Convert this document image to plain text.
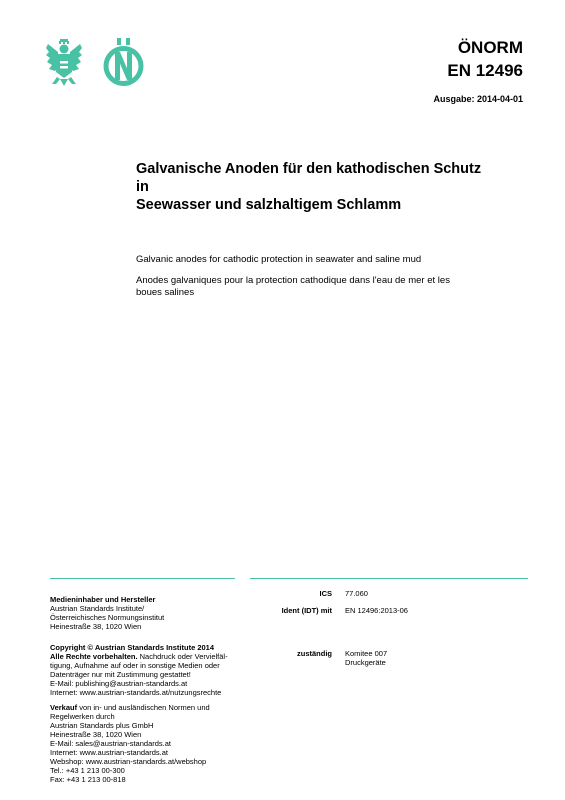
ÖNORM
EN 12496
Ausgabe: 2014-04-01
Galvanische Anoden für den kathodischen Schutz in
Seewasser und salzhaltigem Schlamm
Galvanic anodes for cathodic protection in seawater and saline mud
Anodes galvaniques pour la protection cathodique dans l'eau de mer et les
boues salines

Medieninhaber und Hersteller
Austrian Standards Institute/
Österreichisches Normungsinstitut
Heinestraße 38, 1020 Wien

Copyright © Austrian Standards Institute 2014
Alle Rechte vorbehalten. Nachdruck oder Vervielfäl-
tigung, Aufnahme auf oder in sonstige Medien oder
Datenträger nur mit Zustimmung gestattet!
E-Mail: publishing@austrian-standards.at
Internet: www.austrian-standards.at/nutzungsrechte
Verkauf von in- und ausländischen Normen und
Regelwerken durch
Austrian Standards plus GmbH
Heinestraße 38, 1020 Wien
E-Mail: sales@austrian-standards.at
Internet: www.austrian-standards.at
Webshop: www.austrian-standards.at/webshop
Tel.: +43 1 213 00-300
Fax: +43 1 213 00-818
ICS 77.060
Ident (IDT) mit EN 12496:2013-06
zuständig Komitee 007
Druckgeräte
